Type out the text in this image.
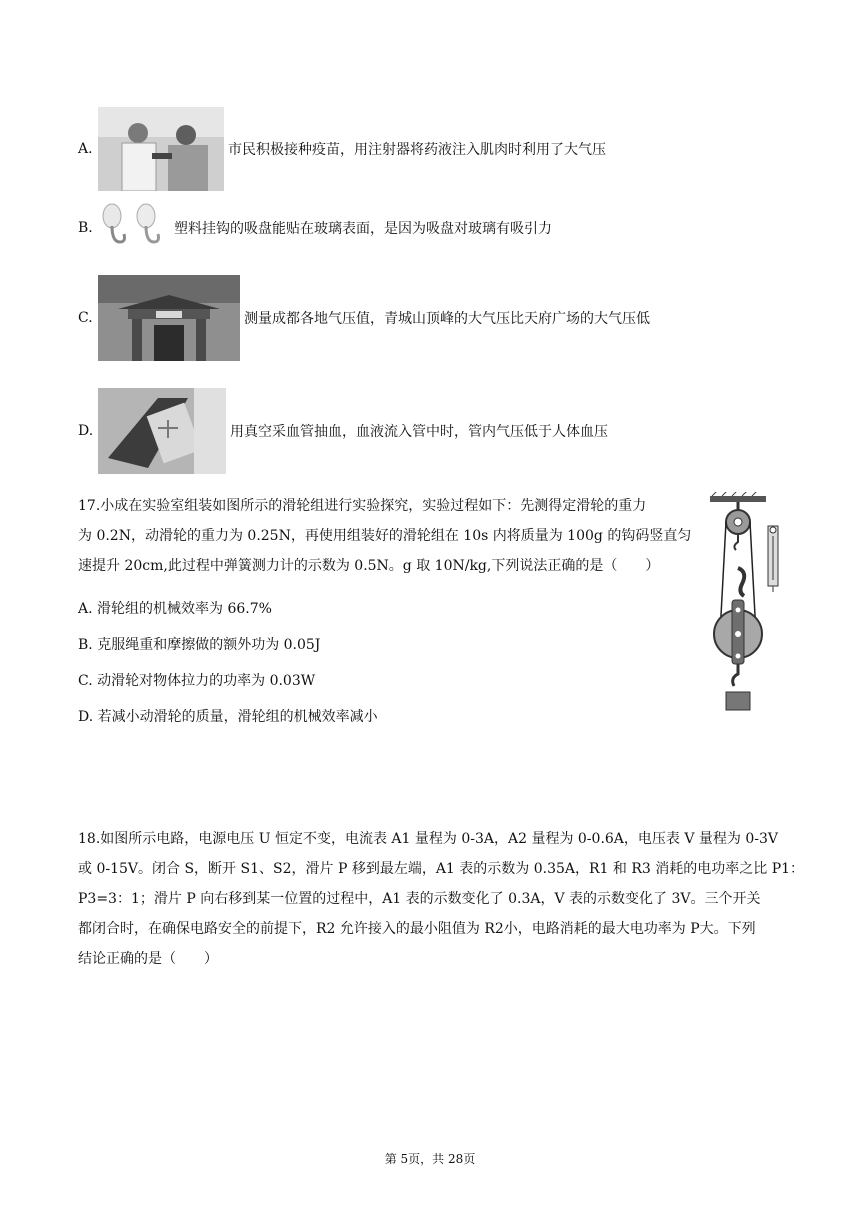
A.	市民积极接种疫苗，用注射器将药液注入肌肉时利用了大气压
B.	塑料挂钩的吸盘能贴在玻璃表面，是因为吸盘对玻璃有吸引力
C.	测量成都各地气压值，青城山顶峰的大气压比天府广场的大气压低
D.	用真空采血管抽血，血液流入管中时，管内气压低于人体血压
17.小成在实验室组装如图所示的滑轮组进行实验探究，实验过程如下：先测得定滑轮的重力
为 0.2N，动滑轮的重力为 0.25N，再使用组装好的滑轮组在 10s 内将质量为 100g 的钩码竖直匀
速提升 20cm,此过程中弹簧测力计的示数为 0.5N。g 取 10N/kg,下列说法正确的是（　　）
A. 滑轮组的机械效率为 66.7%
B. 克服绳重和摩擦做的额外功为 0.05J
C. 动滑轮对物体拉力的功率为 0.03W
D. 若减小动滑轮的质量，滑轮组的机械效率减小
18.如图所示电路，电源电压 U 恒定不变，电流表 A1 量程为 0-3A，A2 量程为 0-0.6A，电压表 V 量程为 0-3V
或 0-15V。闭合 S，断开 S1、S2，滑片 P 移到最左端，A1 表的示数为 0.35A，R1 和 R3 消耗的电功率之比 P1：
P3=3：1；滑片 P 向右移到某一位置的过程中，A1 表的示数变化了 0.3A，V 表的示数变化了 3V。三个开关
都闭合时，在确保电路安全的前提下，R2 允许接入的最小阻值为 R2小，电路消耗的最大电功率为 P大。下列
结论正确的是（　　）
第 5页，共 28页
